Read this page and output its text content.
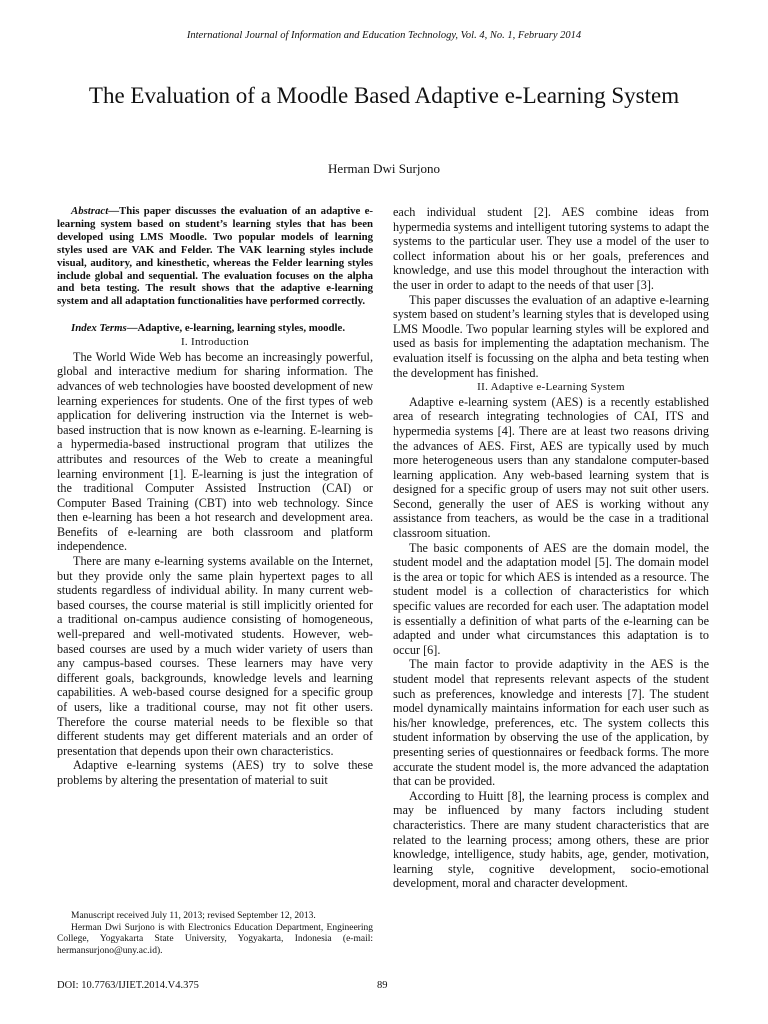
International Journal of Information and Education Technology, Vol. 4, No. 1, February 2014
The Evaluation of a Moodle Based Adaptive e-Learning System
Herman Dwi Surjono

Abstract—This paper discusses the evaluation of an adaptive e-learning system based on student’s learning styles that has been developed using LMS Moodle. Two popular models of learning styles used are VAK and Felder. The VAK learning styles include visual, auditory, and kinesthetic, whereas the Felder learning styles include global and sequential. The evaluation focuses on the alpha and beta testing. The result shows that the adaptive e-learning system and all adaptation functionalities have performed correctly.

Index Terms—Adaptive, e-learning, learning styles, moodle.

I. Introduction

The World Wide Web has become an increasingly powerful, global and interactive medium for sharing information. The advances of web technologies have boosted development of new learning experiences for students. One of the first types of web application for delivering instruction via the Internet is web-based instruction that is now known as e-learning. E-learning is a hypermedia-based instructional program that utilizes the attributes and resources of the Web to create a meaningful learning environment [1]. E-learning is just the integration of the traditional Computer Assisted Instruction (CAI) or Computer Based Training (CBT) into web technology. Since then e-learning has been a hot research and development area. Benefits of e-learning are both classroom and platform independence.

There are many e-learning systems available on the Internet, but they provide only the same plain hypertext pages to all students regardless of individual ability. In many current web-based courses, the course material is still implicitly oriented for a traditional on-campus audience consisting of homogeneous, well-prepared and well-motivated students. However, web-based courses are used by a much wider variety of users than any campus-based courses. These learners may have very different goals, backgrounds, knowledge levels and learning capabilities. A web-based course designed for a specific group of users, like a traditional course, may not fit other users. Therefore the course material needs to be flexible so that different students may get different materials and an order of presentation that depends upon their own characteristics.

Adaptive e-learning systems (AES) try to solve these problems by altering the presentation of material to suit

each individual student [2]. AES combine ideas from hypermedia systems and intelligent tutoring systems to adapt the systems to the particular user. They use a model of the user to collect information about his or her goals, preferences and knowledge, and use this model throughout the interaction with the user in order to adapt to the needs of that user [3].

This paper discusses the evaluation of an adaptive e-learning system based on student’s learning styles that is developed using LMS Moodle. Two popular learning styles will be explored and used as basis for implementing the adaptation mechanism. The evaluation itself is focussing on the alpha and beta testing when the development has finished.

II. Adaptive e-Learning System

Adaptive e-learning system (AES) is a recently established area of research integrating technologies of CAI, ITS and hypermedia systems [4]. There are at least two reasons driving the advances of AES. First, AES are typically used by much more heterogeneous users than any standalone computer-based learning application. Any web-based learning system that is designed for a specific group of users may not suit other users. Second, generally the user of AES is working without any assistance from teachers, as would be the case in a traditional classroom situation.

The basic components of AES are the domain model, the student model and the adaptation model [5]. The domain model is the area or topic for which AES is intended as a resource. The student model is a collection of characteristics for which specific values are recorded for each user. The adaptation model is essentially a definition of what parts of the e-learning can be adapted and under what circumstances this adaptation is to occur [6].

The main factor to provide adaptivity in the AES is the student model that represents relevant aspects of the student such as preferences, knowledge and interests [7]. The student model dynamically maintains information for each user such as his/her knowledge, preferences, etc. The system collects this student information by observing the use of the application, by presenting series of questionnaires or feedback forms. The more accurate the student model is, the more advanced the adaptation that can be provided.

According to Huitt [8], the learning process is complex and may be influenced by many factors including student characteristics. There are many student characteristics that are related to the learning process; among others, these are prior knowledge, intelligence, study habits, age, gender, motivation, learning style, cognitive development, socio-emotional development, moral and character development.

Manuscript received July 11, 2013; revised September 12, 2013.

Herman Dwi Surjono is with Electronics Education Department, Engineering College, Yogyakarta State University, Yogyakarta, Indonesia (e-mail: hermansurjono@uny.ac.id).

DOI: 10.7763/IJIET.2014.V4.375	89
